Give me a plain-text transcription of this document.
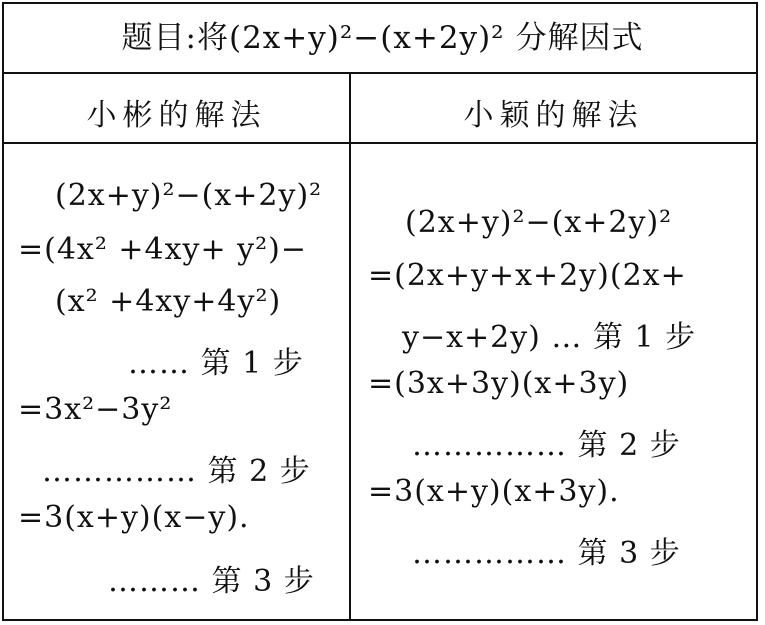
题目:将(2x+y)²−(x+2y)² 分解因式
小彬的解法	小颖的解法
(2x+y)²−(x+2y)²
=(4x² +4xy+ y²)−
(x² +4xy+4y²)
…… 第 1 步
=3x²−3y²
…………… 第 2 步
=3(x+y)(x−y).
……… 第 3 步
(2x+y)²−(x+2y)²
=(2x+y+x+2y)(2x+
y−x+2y) … 第 1 步
=(3x+3y)(x+3y)
…………… 第 2 步
=3(x+y)(x+3y).
…………… 第 3 步
